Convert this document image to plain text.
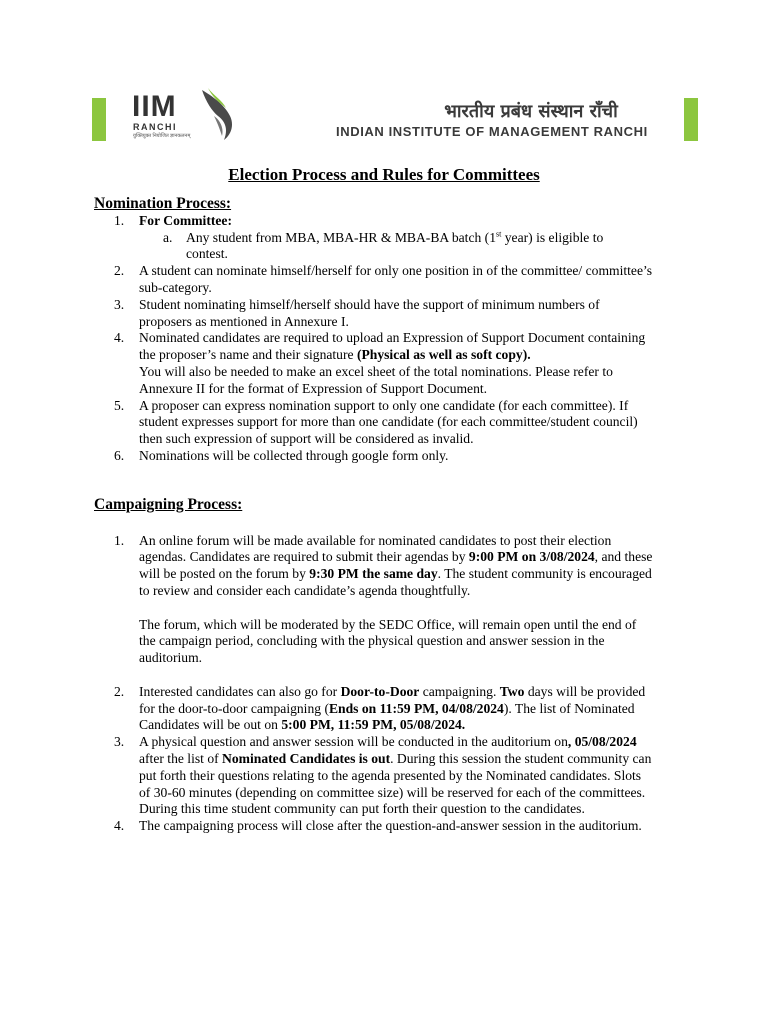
IIM
RANCHI
युक्तियुक्त नियोजित ज्ञानकलनम्
भारतीय प्रबंध संस्थान राँची
INDIAN INSTITUTE OF MANAGEMENT RANCHI
Election Process and Rules for Committees

Nomination Process:

1. For Committee:
a. Any student from MBA, MBA-HR & MBA-BA batch (1st year) is eligible to contest.
2. A student can nominate himself/herself for only one position in of the committee/ committee’s sub-category.
3. Student nominating himself/herself should have the support of minimum numbers of proposers as mentioned in Annexure I.
4. Nominated candidates are required to upload an Expression of Support Document containing the proposer’s name and their signature (Physical as well as soft copy).
You will also be needed to make an excel sheet of the total nominations. Please refer to Annexure II for the format of Expression of Support Document.
5. A proposer can express nomination support to only one candidate (for each committee). If student expresses support for more than one candidate (for each committee/student council) then such expression of support will be considered as invalid.
6. Nominations will be collected through google form only.

Campaigning Process:

1. An online forum will be made available for nominated candidates to post their election agendas. Candidates are required to submit their agendas by 9:00 PM on 3/08/2024, and these will be posted on the forum by 9:30 PM the same day. The student community is encouraged to review and consider each candidate’s agenda thoughtfully.
The forum, which will be moderated by the SEDC Office, will remain open until the end of the campaign period, concluding with the physical question and answer session in the auditorium.
2. Interested candidates can also go for Door-to-Door campaigning. Two days will be provided for the door-to-door campaigning (Ends on 11:59 PM, 04/08/2024). The list of Nominated Candidates will be out on 5:00 PM, 11:59 PM, 05/08/2024.
3. A physical question and answer session will be conducted in the auditorium on, 05/08/2024 after the list of Nominated Candidates is out. During this session the student community can put forth their questions relating to the agenda presented by the Nominated candidates. Slots of 30-60 minutes (depending on committee size) will be reserved for each of the committees. During this time student community can put forth their question to the candidates.
4. The campaigning process will close after the question-and-answer session in the auditorium.
